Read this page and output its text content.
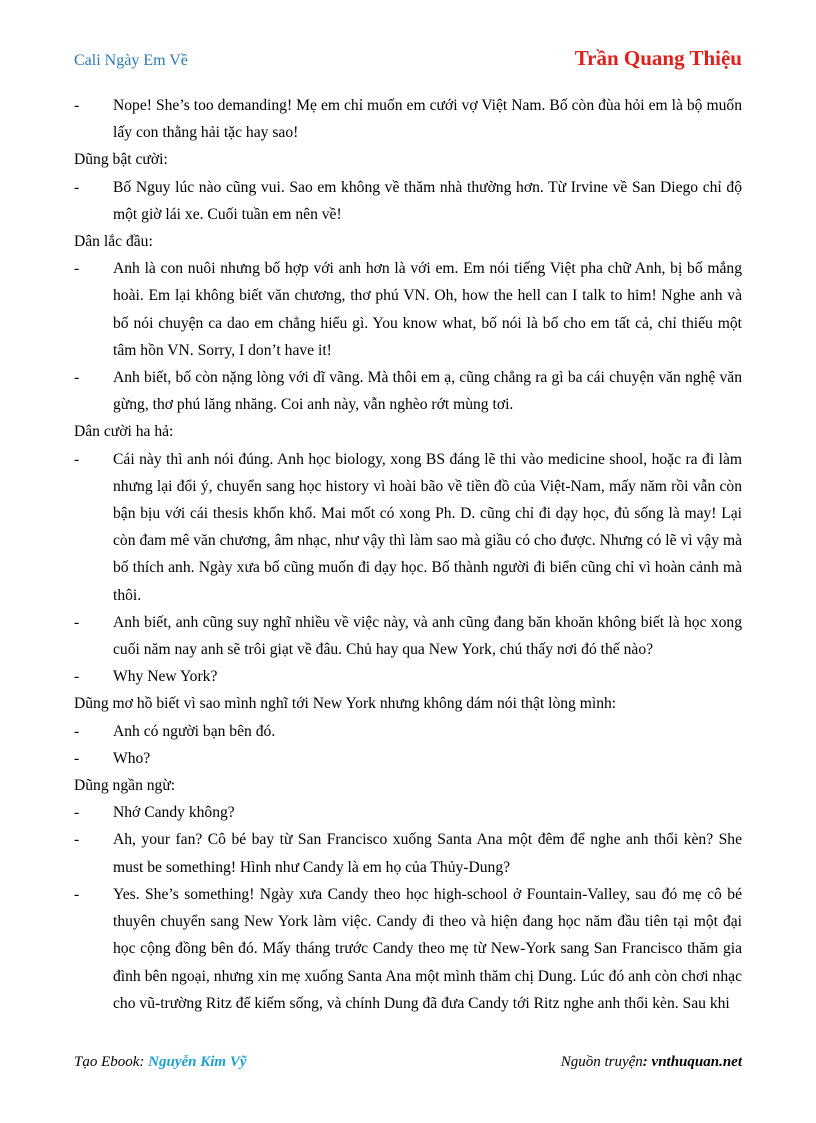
Cali Ngày Em Về	Trần Quang Thiệu

- Nope! She’s too demanding! Mẹ em chỉ muốn em cưới vợ Việt Nam. Bố còn đùa hỏi em là bộ muốn lấy con thằng hải tặc hay sao!

Dũng bật cười:

- Bố Nguy lúc nào cũng vui. Sao em không về thăm nhà thường hơn. Từ Irvine về San Diego chỉ độ một giờ lái xe. Cuối tuần em nên về!

Dân lắc đầu:

- Anh là con nuôi nhưng bố hợp với anh hơn là với em. Em nói tiếng Việt pha chữ Anh, bị bố mắng hoài. Em lại không biết văn chương, thơ phú VN. Oh, how the hell can I talk to him! Nghe anh và bố nói chuyện ca dao em chẳng hiểu gì. You know what, bố nói là bố cho em tất cả, chỉ thiếu một tâm hồn VN. Sorry, I don’t have it!

- Anh biết, bố còn nặng lòng với dĩ vãng. Mà thôi em ạ, cũng chẳng ra gì ba cái chuyện văn nghệ văn gừng, thơ phú lăng nhăng. Coi anh này, vẫn nghèo rớt mùng tơi.

Dân cười ha hả:

- Cái này thì anh nói đúng. Anh học biology, xong BS đáng lẽ thi vào medicine shool, hoặc ra đi làm nhưng lại đổi ý, chuyển sang học history vì hoài bão về tiền đồ của Việt-Nam, mấy năm rồi vẫn còn bận bịu với cái thesis khốn khổ. Mai mốt có xong Ph. D. cũng chỉ đi dạy học, đủ sống là may! Lại còn đam mê văn chương, âm nhạc, như vậy thì làm sao mà giầu có cho được. Nhưng có lẽ vì vậy mà bố thích anh. Ngày xưa bố cũng muốn đi dạy học. Bố thành người đi biển cũng chỉ vì hoàn cảnh mà thôi.

- Anh biết, anh cũng suy nghĩ nhiều về việc này, và anh cũng đang băn khoăn không biết là học xong cuối năm nay anh sẽ trôi giạt về đâu. Chủ hay qua New York, chú thấy nơi đó thế nào?

- Why New York?

Dũng mơ hồ biết vì sao mình nghĩ tới New York nhưng không dám nói thật lòng mình:

- Anh có người bạn bên đó.

- Who?

Dũng ngần ngừ:

- Nhớ Candy không?

- Ah, your fan? Cô bé bay từ San Francisco xuống Santa Ana một đêm để nghe anh thổi kèn? She must be something! Hình như Candy là em họ của Thủy-Dung?

- Yes. She’s something! Ngày xưa Candy theo học high-school ở Fountain-Valley, sau đó mẹ cô bé thuyên chuyển sang New York làm việc. Candy đi theo và hiện đang học năm đầu tiên tại một đại học cộng đồng bên đó. Mấy tháng trước Candy theo mẹ từ New-York sang San Francisco thăm gia đình bên ngoại, nhưng xin mẹ xuống Santa Ana một mình thăm chị Dung. Lúc đó anh còn chơi nhạc cho vũ-trường Ritz để kiếm sống, và chính Dung đã đưa Candy tới Ritz nghe anh thổi kèn. Sau khi

Tạo Ebook: Nguyễn Kim Vỹ	Nguồn truyện: vnthuquan.net
